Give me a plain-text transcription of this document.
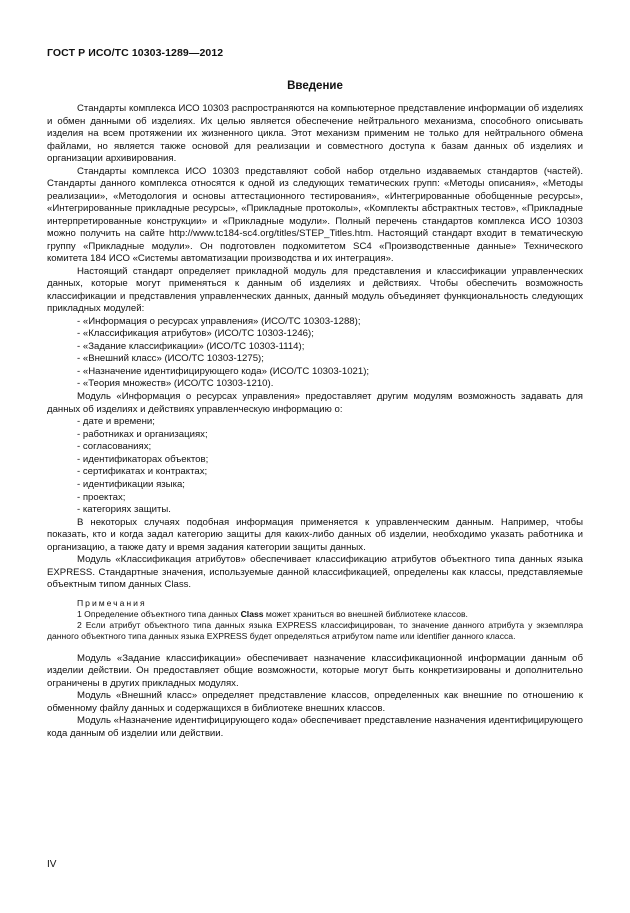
ГОСТ Р ИСО/ТС 10303-1289—2012
Введение

Стандарты комплекса ИСО 10303 распространяются на компьютерное представление информации об изделиях и обмен данными об изделиях. Их целью является обеспечение нейтрального механизма, способного описывать изделия на всем протяжении их жизненного цикла. Этот механизм применим не только для нейтрального обмена файлами, но является также основой для реализации и совместного доступа к базам данных об изделиях и организации архивирования.

Стандарты комплекса ИСО 10303 представляют собой набор отдельно издаваемых стандартов (частей). Стандарты данного комплекса относятся к одной из следующих тематических групп: «Методы описания», «Методы реализации», «Методология и основы аттестационного тестирования», «Интегрированные обобщенные ресурсы», «Интегрированные прикладные ресурсы», «Прикладные протоколы», «Комплекты абстрактных тестов», «Прикладные интерпретированные конструкции» и «Прикладные модули». Полный перечень стандартов комплекса ИСО 10303 можно получить на сайте http://www.tc184-sc4.org/titles/STEP_Titles.htm. Настоящий стандарт входит в тематическую группу «Прикладные модули». Он подготовлен подкомитетом SC4 «Производственные данные» Технического комитета 184 ИСО «Системы автоматизации производства и их интеграция».

Настоящий стандарт определяет прикладной модуль для представления и классификации управленческих данных, которые могут применяться к данным об изделиях и действиях. Чтобы обеспечить возможность классификации и представления управленческих данных, данный модуль объединяет функциональность следующих прикладных модулей:

- «Информация о ресурсах управления» (ИСО/ТС 10303-1288);
- «Классификация атрибутов» (ИСО/ТС 10303-1246);
- «Задание классификации» (ИСО/ТС 10303-1114);
- «Внешний класс» (ИСО/ТС 10303-1275);
- «Назначение идентифицирующего кода» (ИСО/ТС 10303-1021);
- «Теория множеств» (ИСО/ТС 10303-1210).

Модуль «Информация о ресурсах управления» предоставляет другим модулям возможность задавать для данных об изделиях и действиях управленческую информацию о:

- дате и времени;
- работниках и организациях;
- согласованиях;
- идентификаторах объектов;
- сертификатах и контрактах;
- идентификации языка;
- проектах;
- категориях защиты.

В некоторых случаях подобная информация применяется к управленческим данным. Например, чтобы показать, кто и когда задал категорию защиты для каких-либо данных об изделии, необходимо указать работника и организацию, а также дату и время задания категории защиты данных.

Модуль «Классификация атрибутов» обеспечивает классификацию атрибутов объектного типа данных языка EXPRESS. Стандартные значения, используемые данной классификацией, определены как классы, представляемые объектным типом данных Class.

Примечания

1 Определение объектного типа данных Class может храниться во внешней библиотеке классов.

2 Если атрибут объектного типа данных языка EXPRESS классифицирован, то значение данного атрибута у экземпляра данного объектного типа данных языка EXPRESS будет определяться атрибутом name или identifier данного класса.

Модуль «Задание классификации» обеспечивает назначение классификационной информации данным об изделии действии. Он предоставляет общие возможности, которые могут быть конкретизированы и дополнительно ограничены в других прикладных модулях.

Модуль «Внешний класс» определяет представление классов, определенных как внешние по отношению к обменному файлу данных и содержащихся в библиотеке внешних классов.

Модуль «Назначение идентифицирующего кода» обеспечивает представление назначения идентифицирующего кода данным об изделии или действии.

IV
